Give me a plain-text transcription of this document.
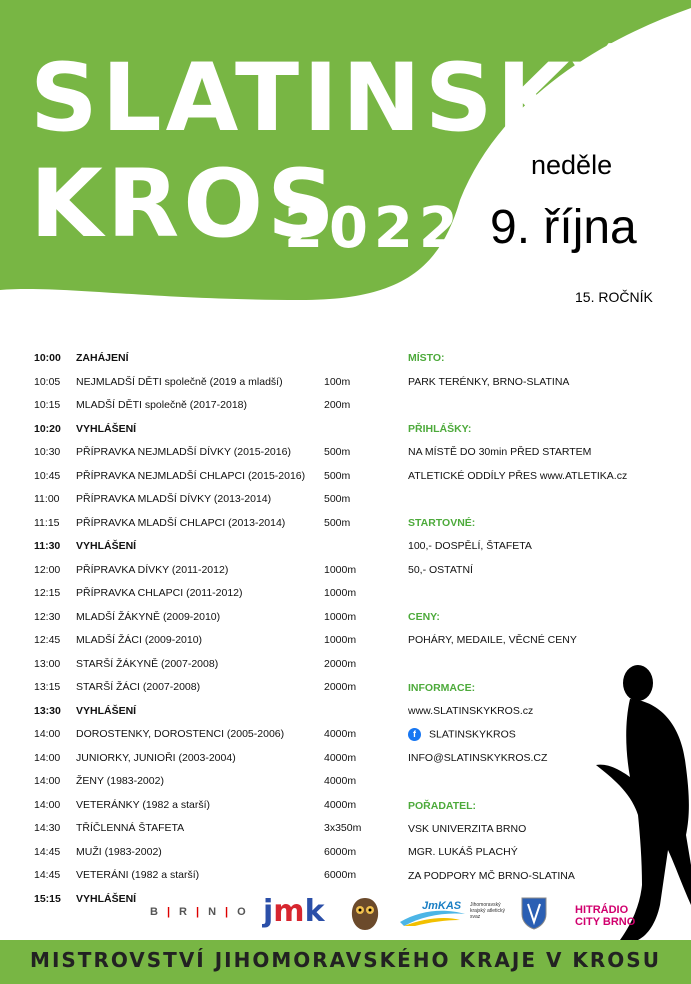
SLATINSKÝ
KROS
2022
neděle
9. října
15. ROČNÍK
10:00 ZAHÁJENÍ
10:05 NEJMLADŠÍ DĚTI společně (2019 a mladší)	100m
10:15 MLADŠÍ DĚTI společně (2017-2018)	200m
10:20 VYHLÁŠENÍ
10:30 PŘÍPRAVKA NEJMLADŠÍ DÍVKY (2015-2016)	500m
10:45 PŘÍPRAVKA NEJMLADŠÍ CHLAPCI (2015-2016) 500m
11:00 PŘÍPRAVKA MLADŠÍ DÍVKY (2013-2014)	500m
11:15 PŘÍPRAVKA MLADŠÍ CHLAPCI (2013-2014)	500m
11:30 VYHLÁŠENÍ
12:00 PŘÍPRAVKA DÍVKY (2011-2012)	1000m
12:15 PŘÍPRAVKA CHLAPCI (2011-2012)	1000m
12:30 MLADŠÍ ŽÁKYNĚ (2009-2010)	1000m
12:45 MLADŠÍ ŽÁCI (2009-2010)	1000m
13:00 STARŠÍ ŽÁKYNĚ (2007-2008)	2000m
13:15 STARŠÍ ŽÁCI (2007-2008)	2000m
13:30 VYHLÁŠENÍ
14:00 DOROSTENKY, DOROSTENCI (2005-2006)	4000m
14:00 JUNIORKY, JUNIOŘI (2003-2004)	4000m
14:00 ŽENY (1983-2002)	4000m
14:00 VETERÁNKY (1982 a starší)	4000m
14:30 TŘÍČLENNÁ ŠTAFETA	3x350m
14:45 MUŽI (1983-2002)	6000m
14:45 VETERÁNI (1982 a starší)	6000m
15:15 VYHLÁŠENÍ
MÍSTO:
PARK TERÉNKY, BRNO-SLATINA
PŘIHLÁŠKY:
NA MÍSTĚ DO 30min PŘED STARTEM
ATLETICKÉ ODDÍLY PŘES www.ATLETIKA.cz
STARTOVNÉ:
100,- DOSPĚLÍ, ŠTAFETA
50,- OSTATNÍ
CENY:
POHÁRY, MEDAILE, VĚCNÉ CENY
INFORMACE:
www.SLATINSKYKROS.cz
f SLATINSKYKROS
INFO@SLATINSKYKROS.CZ
POŘADATEL:
VSK UNIVERZITA BRNO
MGR. LUKÁŠ PLACHÝ
ZA PODPORY MČ BRNO-SLATINA
B|R|N|O jmk	JmKAS Jihomoravský krajský atletický svaz
HITRÁDIO
CITY BRNO
MISTROVSTVÍ JIHOMORAVSKÉHO KRAJE V KROSU
